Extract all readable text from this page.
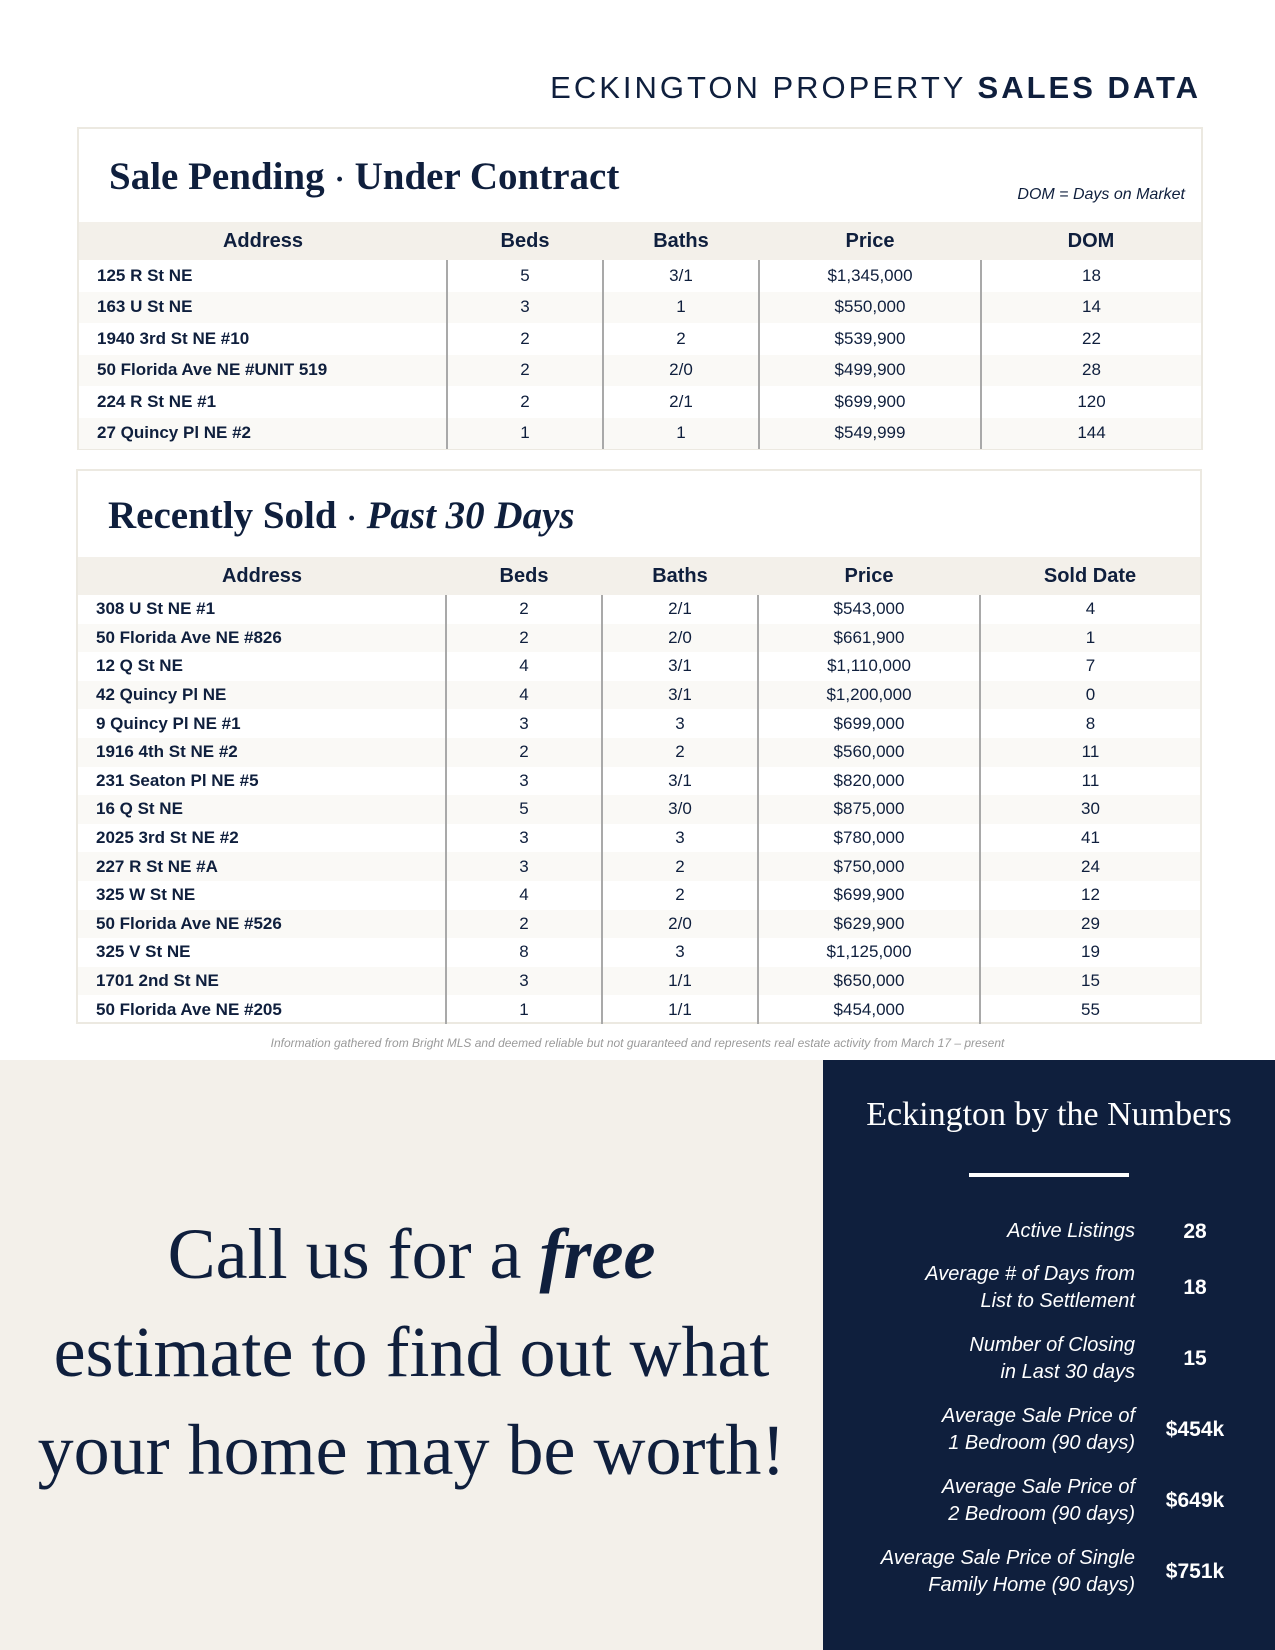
ECKINGTON PROPERTY SALES DATA
Sale Pending · Under Contract	DOM = Days on Market
Address	Beds	Baths	Price	DOM
125 R St NE	5	3/1	$1,345,000	18
163 U St NE	3	1	$550,000	14
1940 3rd St NE #10	2	2	$539,900	22
50 Florida Ave NE #UNIT 519	2	2/0	$499,900	28
224 R St NE #1	2	2/1	$699,900	120
27 Quincy Pl NE #2	1	1	$549,999	144
Recently Sold · Past 30 Days
Address	Beds	Baths	Price	Sold Date
308 U St NE #1	2	2/1	$543,000	4
50 Florida Ave NE #826	2	2/0	$661,900	1
12 Q St NE	4	3/1	$1,110,000	7
42 Quincy Pl NE	4	3/1	$1,200,000	0
9 Quincy Pl NE #1	3	3	$699,000	8
1916 4th St NE #2	2	2	$560,000	11
231 Seaton Pl NE #5	3	3/1	$820,000	11
16 Q St NE	5	3/0	$875,000	30
2025 3rd St NE #2	3	3	$780,000	41
227 R St NE #A	3	2	$750,000	24
325 W St NE	4	2	$699,900	12
50 Florida Ave NE #526	2	2/0	$629,900	29
325 V St NE	8	3	$1,125,000	19
1701 2nd St NE	3	1/1	$650,000	15
50 Florida Ave NE #205	1	1/1	$454,000	55
Information gathered from Bright MLS and deemed reliable but not guaranteed and represents real estate activity from March 17 – present
Call us for a free
estimate to find out what
your home may be worth!
Eckington by the Numbers
Active Listings	28
Average # of Days from
List to Settlement
18
Number of Closing
in Last 30 days
15
Average Sale Price of
1 Bedroom (90 days)
$454k
Average Sale Price of
2 Bedroom (90 days)
$649k
Average Sale Price of Single
Family Home (90 days)
$751k
